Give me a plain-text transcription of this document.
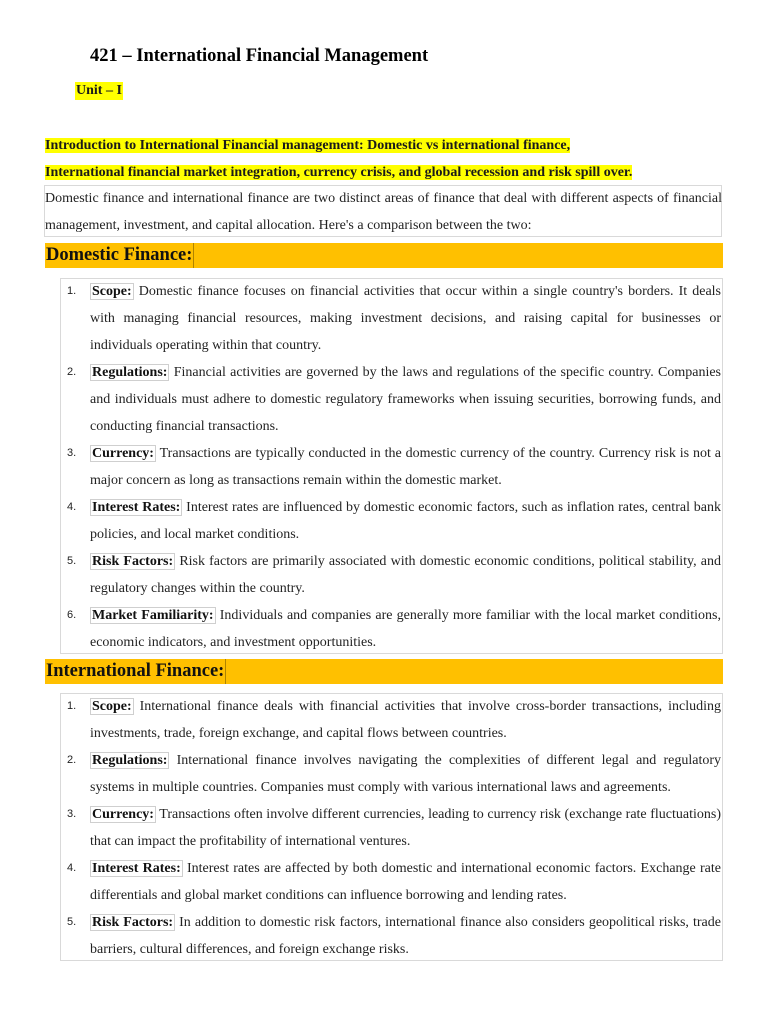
421 – International Financial Management
Unit – I
Introduction to International Financial management: Domestic vs international finance,
International financial market integration, currency crisis, and global recession and risk spill over.
Domestic finance and international finance are two distinct areas of finance that deal with different aspects of financial management, investment, and capital allocation. Here's a comparison between the two:
Domestic Finance:
1. Scope: Domestic finance focuses on financial activities that occur within a single country's borders. It deals with managing financial resources, making investment decisions, and raising capital for businesses or individuals operating within that country.
2. Regulations: Financial activities are governed by the laws and regulations of the specific country. Companies and individuals must adhere to domestic regulatory frameworks when issuing securities, borrowing funds, and conducting financial transactions.
3. Currency: Transactions are typically conducted in the domestic currency of the country. Currency risk is not a major concern as long as transactions remain within the domestic market.
4. Interest Rates: Interest rates are influenced by domestic economic factors, such as inflation rates, central bank policies, and local market conditions.
5. Risk Factors: Risk factors are primarily associated with domestic economic conditions, political stability, and regulatory changes within the country.
6. Market Familiarity: Individuals and companies are generally more familiar with the local market conditions, economic indicators, and investment opportunities.
International Finance:
1. Scope: International finance deals with financial activities that involve cross-border transactions, including investments, trade, foreign exchange, and capital flows between countries.
2. Regulations: International finance involves navigating the complexities of different legal and regulatory systems in multiple countries. Companies must comply with various international laws and agreements.
3. Currency: Transactions often involve different currencies, leading to currency risk (exchange rate fluctuations) that can impact the profitability of international ventures.
4. Interest Rates: Interest rates are affected by both domestic and international economic factors. Exchange rate differentials and global market conditions can influence borrowing and lending rates.
5. Risk Factors: In addition to domestic risk factors, international finance also considers geopolitical risks, trade barriers, cultural differences, and foreign exchange risks.
